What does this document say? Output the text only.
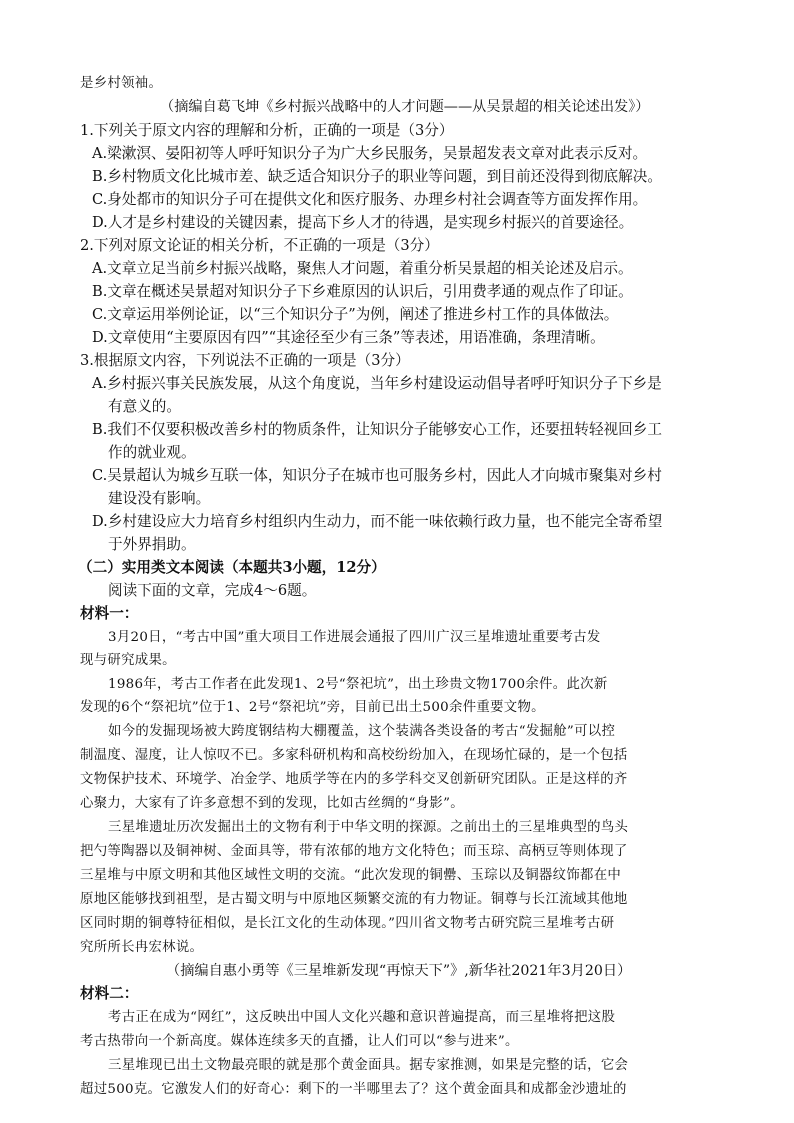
是乡村领袖。
（摘编自葛飞坤《乡村振兴战略中的人才问题——从吴景超的相关论述出发》）
1.下列关于原文内容的理解和分析，正确的一项是（3分）
A.梁漱溟、晏阳初等人呼吁知识分子为广大乡民服务，吴景超发表文章对此表示反对。
B.乡村物质文化比城市差、缺乏适合知识分子的职业等问题，到目前还没得到彻底解决。
C.身处都市的知识分子可在提供文化和医疗服务、办理乡村社会调查等方面发挥作用。
D.人才是乡村建设的关键因素，提高下乡人才的待遇，是实现乡村振兴的首要途径。
2.下列对原文论证的相关分析，不正确的一项是（3分）
A.文章立足当前乡村振兴战略，聚焦人才问题，着重分析吴景超的相关论述及启示。
B.文章在概述吴景超对知识分子下乡难原因的认识后，引用费孝通的观点作了印证。
C.文章运用举例论证，以“三个知识分子”为例，阐述了推进乡村工作的具体做法。
D.文章使用“主要原因有四”“其途径至少有三条”等表述，用语准确，条理清晰。
3.根据原文内容，下列说法不正确的一项是（3分）
A.乡村振兴事关民族发展，从这个角度说，当年乡村建设运动倡导者呼吁知识分子下乡是
有意义的。
B.我们不仅要积极改善乡村的物质条件，让知识分子能够安心工作，还要扭转轻视回乡工
作的就业观。
C.吴景超认为城乡互联一体，知识分子在城市也可服务乡村，因此人才向城市聚集对乡村
建设没有影响。
D.乡村建设应大力培育乡村组织内生动力，而不能一味依赖行政力量，也不能完全寄希望
于外界捐助。
（二）实用类文本阅读（本题共3小题，12分）
阅读下面的文章，完成4～6题。
材料一：
3月20日，“考古中国”重大项目工作进展会通报了四川广汉三星堆遗址重要考古发
现与研究成果。
1986年，考古工作者在此发现1、2号“祭祀坑”，出土珍贵文物1700余件。此次新
发现的6个“祭祀坑”位于1、2号“祭祀坑”旁，目前已出土500余件重要文物。
如今的发掘现场被大跨度钢结构大棚覆盖，这个装满各类设备的考古“发掘舱”可以控
制温度、湿度，让人惊叹不已。多家科研机构和高校纷纷加入，在现场忙碌的，是一个包括
文物保护技术、环境学、冶金学、地质学等在内的多学科交叉创新研究团队。正是这样的齐
心聚力，大家有了许多意想不到的发现，比如古丝绸的“身影”。
三星堆遗址历次发掘出土的文物有利于中华文明的探源。之前出土的三星堆典型的鸟头
把勺等陶器以及铜神树、金面具等，带有浓郁的地方文化特色；而玉琮、高柄豆等则体现了
三星堆与中原文明和其他区域性文明的交流。“此次发现的铜罍、玉琮以及铜器纹饰都在中
原地区能够找到祖型，是古蜀文明与中原地区频繁交流的有力物证。铜尊与长江流域其他地
区同时期的铜尊特征相似，是长江文化的生动体现。”四川省文物考古研究院三星堆考古研
究所所长冉宏林说。
（摘编自惠小勇等《三星堆新发现“再惊天下”》,新华社2021年3月20日）
材料二：
考古正在成为“网红”，这反映出中国人文化兴趣和意识普遍提高，而三星堆将把这股
考古热带向一个新高度。媒体连续多天的直播，让人们可以“参与进来”。
三星堆现已出土文物最亮眼的就是那个黄金面具。据专家推测，如果是完整的话，它会
超过500克。它激发人们的好奇心：剩下的一半哪里去了？这个黄金面具和成都金沙遗址的
